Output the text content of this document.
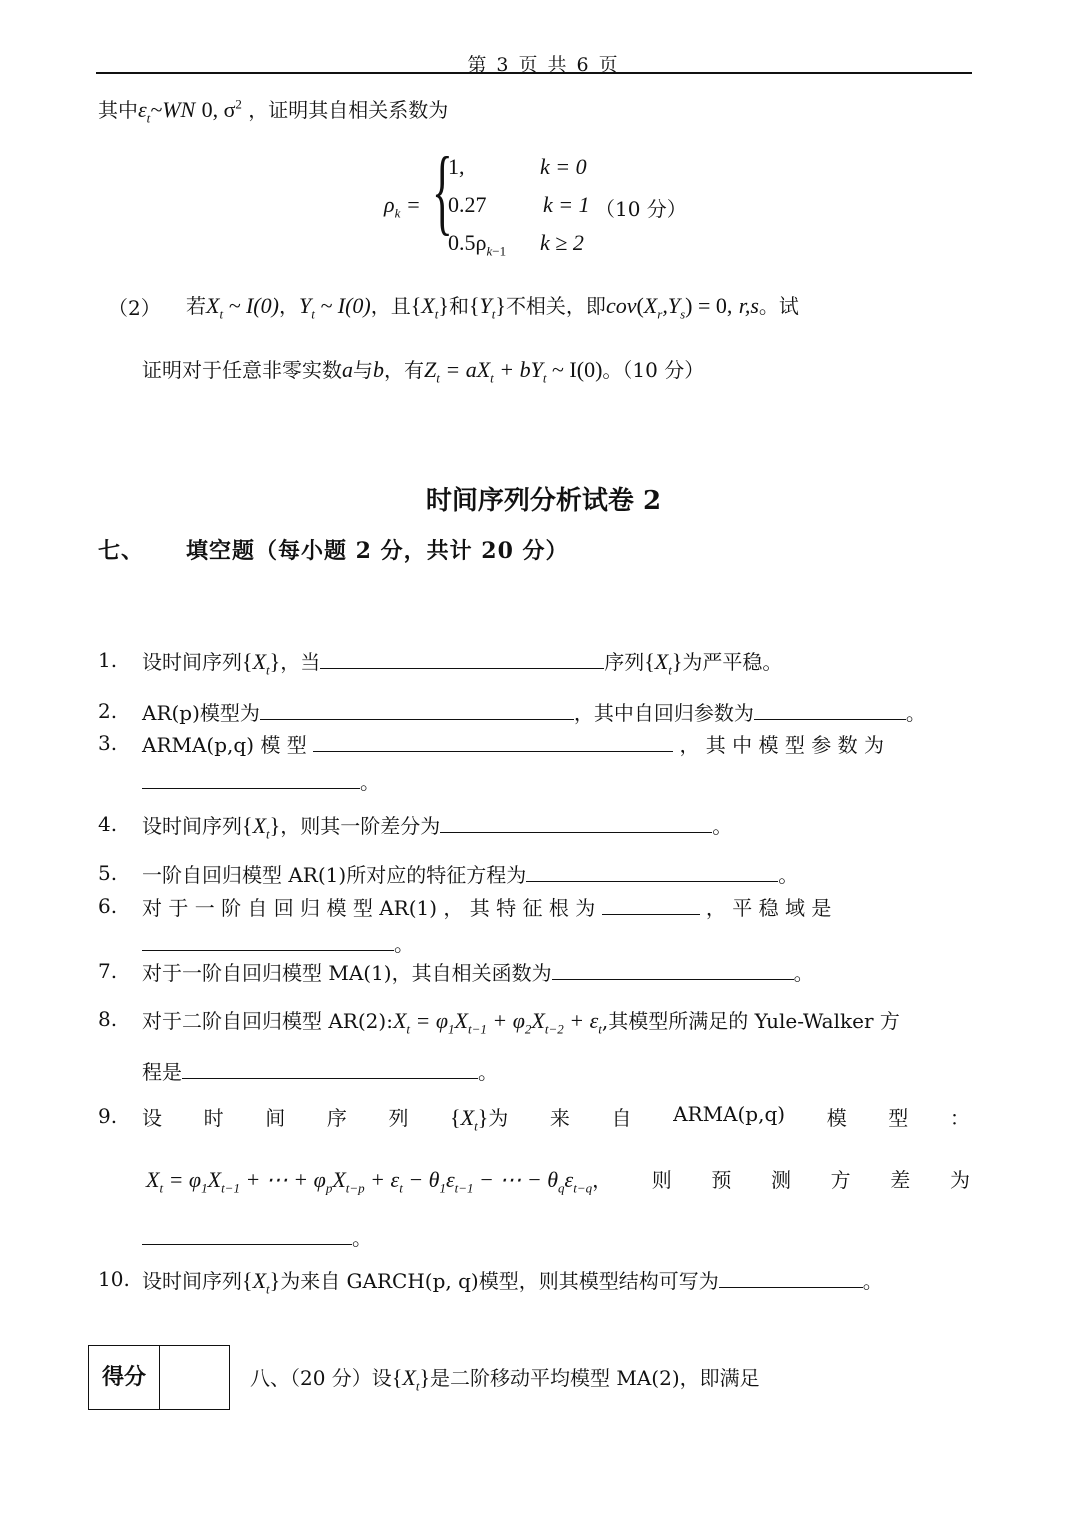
第 3 页 共 6 页
其中$\varepsilon_t\sim WN$ 0, $\sigma^2$ ，证明其自相关系数为
$\rho_k$ = {
1,	k = 0
0.27	k = 1 （10 分）
$0.5\rho_{k-1}$ k ≥ 2
（2） 若$X_t$ ~ I(0)，$Y_t$ ~ I(0)，且$\{X_t\}$和$\{Y_t\}$不相关，即$cov(X_r,Y_s) = 0$, r,s。试
证明对于任意非零实数a与b，有$Z_t = aX_t + bY_t$ ~ I(0)。（10 分）
时间序列分析试卷 2
七、 填空题（每小题 2 分，共计 20 分）
1. 设时间序列$\{X_t\}$，当	序列$\{X_t\}$为严平稳。
2. AR(p)模型为	，其中自回归参数为	。
3. ARMA(p,q) 模 型	， 其 中 模 型 参 数 为
。
4. 设时间序列$\{X_t\}$，则其一阶差分为	。
5. 一阶自回归模型 AR(1)所对应的特征方程为	。
6. 对 于 一 阶 自 回 归 模 型 AR(1) ， 其 特 征 根 为	， 平 稳 域 是
。
7. 对于一阶自回归模型 MA(1)，其自相关函数为	。
8. 对于二阶自回归模型 $AR(2):X_t = \varphi_1X_{t-1} + \varphi_2X_{t-2} + \varepsilon_t$,其模型所满足的 Yule-Walker 方
程是	。
9. 设 时 间 序 列 $\{X_t\}$为 来 自 ARMA(p,q) 模 型 ：
$X_t = \varphi_1X_{t-1}$ + ⋯ + $\varphi_pX_{t-p} + \varepsilon_t - \theta_1\varepsilon_{t-1}$ − ⋯ − $\theta_q\varepsilon_{t-q}$， 则 预 测 方 差 为
。
10. 设时间序列$\{X_t\}$为来自 GARCH(p, q)模型，则其模型结构可写为	。
得分	八、（20 分）设$\{X_t\}$是二阶移动平均模型 MA(2)，即满足
